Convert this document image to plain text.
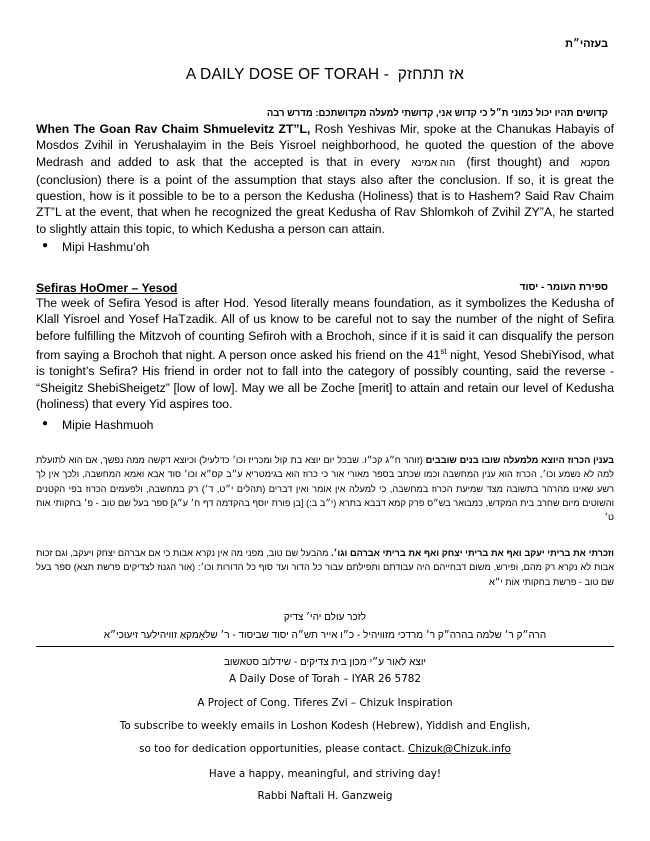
בעזהי״ת
A DAILY DOSE OF TORAH - אז תתחזק
קדושים תהיו יכול כמוני ת״ל כי קדוש אני, קדושתי למעלה מקדושתכם: מדרש רבה
When The Goan Rav Chaim Shmuelevitz ZT”L, Rosh Yeshivas Mir, spoke at the Chanukas Habayis of Mosdos Zvihil in Yerushalayim in the Beis Yisroel neighborhood, he quoted the question of the above Medrash and added to ask that the accepted is that in every הוה אמינא (first thought) and מסקנא(conclusion) there is a point of the assumption that stays also after the conclusion. If so, it is great the question, how is it possible to be to a person the Kedusha (Holiness) that is to Hashem? Said Rav Chaim ZT”L at the event, that when he recognized the great Kedusha of Rav Shlomkoh of Zvihil ZY”A, he started to slightly attain this topic, to which Kedusha a person can attain.
● Mipi Hashmu’oh
Sefiras HoOmer – Yesod	ספירת העומר - יסוד
The week of Sefira Yesod is after Hod. Yesod literally means foundation, as it symbolizes the Kedusha of Klall Yisroel and Yosef HaTzadik. All of us know to be careful not to say the number of the night of Sefira before fulfilling the Mitzvoh of counting Sefiroh with a Brochoh, since if it is said it can disqualify the person from saying a Brochoh that night. A person once asked his friend on the 41st night, Yesod ShebiYisod, what is tonight’s Sefira? His friend in order not to fall into the category of possibly counting, said the reverse - “Sheigitz ShebiSheigetz” [low of low]. May we all be Zoche [merit] to attain and retain our level of Kedusha (holiness) that every Yid aspires too.
● Mipie Hashmuoh
בענין הכרוז היוצא מלמעלה שובו בנים שובבים (זוהר ח״ג קכ״ו. שבכל יום יוצא בת קול ומכריז וכו׳ כדלעיל) וכיוצא דקשה ממה נפשך, אם הוא לתועלת למה לא נשמע וכו׳, הכרוז הוא ענין המחשבה וכמו שכתב בספר מאורי אור כי כרוז הוא בגימטריא ע״ב קס״א וכו׳ סוד אבא ואמא המחשבה, ולכך אין לך רשע שאינו מהרהר בתשובה מצד שמיעת הכרוז במחשבה, כי למעלה אין אומר ואין דברים (תהלים י״ט, ד׳) רק במחשבה, ולפעמים הכרוז בפי הקטנים והשוטים מיום שחרב בית המקדש, כמבואר בש״ס פרק קמא דבבא בתרא (י״ב ב:) [בן פורת יוסף בהקדמה דף ח׳ ע״ג] ספר בעל שם טוב - פ׳ בחקותי אות ט׳
וזכרתי את בריתי יעקב ואף את בריתי יצחק ואף את בריתי אברהם וגו׳. מהבעל שם טוב, מפני מה אין נקרא אבות כי אם אברהם יצחק ויעקב, וגם זכות אבות לא נקרא רק מהם, ופירש, משום דבחייהם היה עבודתם ותפילתם עבור כל הדור ועד סוף כל הדורות וכו׳: (אור הגנוז לצדיקים פרשת תצא) ספר בעל שם טוב - פרשת בחקותי אות י״א
לזכר עולם יהי׳ צדיק
הרה״ק ר׳ שלמה בהרה״ק ר׳ מרדכי מזוויהיל - כ״ו אייר תש״ה יסוד שביסוד - ר׳ שלאָמקאַ זוויהילער זיעוכי״א
יוצא לאור ע״י מכון בית צדיקים - שידלוב סטאשוב
A Daily Dose of Torah – IYAR 26 5782
A Project of Cong. Tiferes Zvi – Chizuk Inspiration
To subscribe to weekly emails in Loshon Kodesh (Hebrew), Yiddish and English,
so too for dedication opportunities, please contact. Chizuk@Chizuk.info
Have a happy, meaningful, and striving day!
Rabbi Naftali H. Ganzweig
